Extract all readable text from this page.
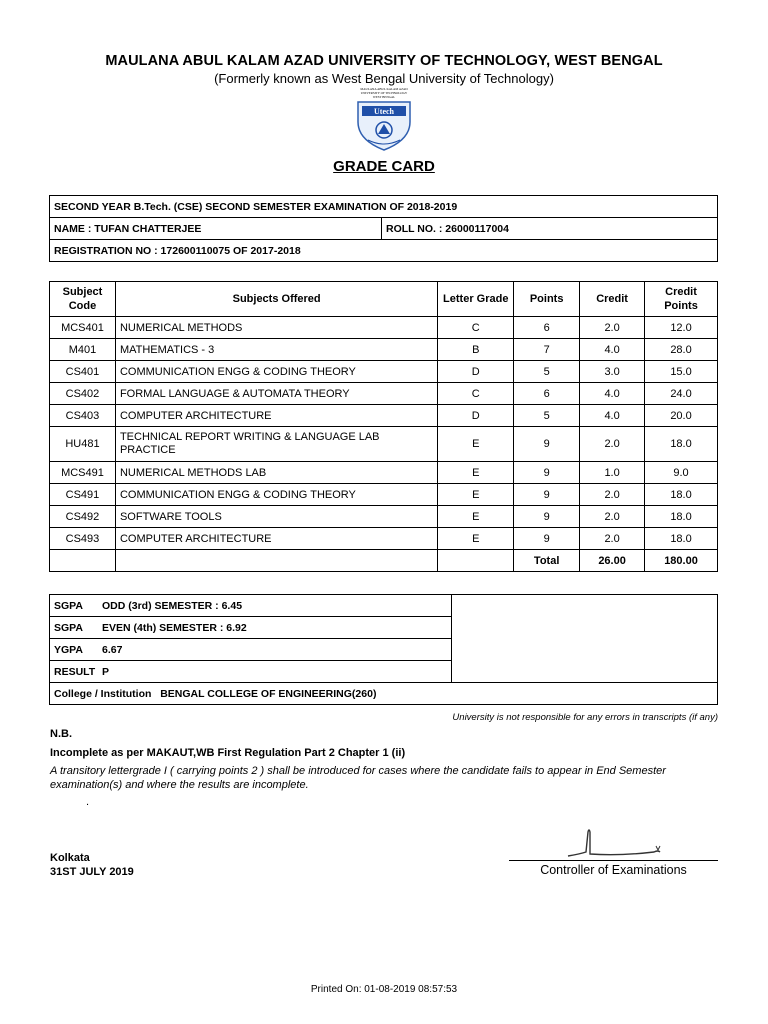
MAULANA ABUL KALAM AZAD UNIVERSITY OF TECHNOLOGY, WEST BENGAL
(Formerly known as West Bengal University of Technology)
MAULANA ABUL KALAM AZAD
UNIVERSITY OF TECHNOLOGY
WEST BENGAL
Utech
GRADE CARD
SECOND YEAR B.Tech. (CSE) SECOND SEMESTER EXAMINATION OF 2018-2019
NAME : TUFAN CHATTERJEE	ROLL NO. : 26000117004
REGISTRATION NO : 172600110075 OF 2017-2018
Subject Code	Subjects Offered	Letter Grade	Points	Credit	Credit Points
MCS401	NUMERICAL METHODS	C	6	2.0	12.0
M401	MATHEMATICS - 3	B	7	4.0	28.0
CS401	COMMUNICATION ENGG & CODING THEORY	D	5	3.0	15.0
CS402	FORMAL LANGUAGE & AUTOMATA THEORY	C	6	4.0	24.0
CS403	COMPUTER ARCHITECTURE	D	5	4.0	20.0
HU481	TECHNICAL REPORT WRITING & LANGUAGE LAB PRACTICE	E	9	2.0	18.0
MCS491	NUMERICAL METHODS LAB	E	9	1.0	9.0
CS491	COMMUNICATION ENGG & CODING THEORY	E	9	2.0	18.0
CS492	SOFTWARE TOOLS	E	9	2.0	18.0
CS493	COMPUTER ARCHITECTURE	E	9	2.0	18.0
			Total	26.00	180.00
SGPA ODD (3rd) SEMESTER : 6.45	
SGPA EVEN (4th) SEMESTER : 6.92
YGPA 6.67
RESULT P
College / Institution BENGAL COLLEGE OF ENGINEERING(260)
University is not responsible for any errors in transcripts (if any)
N.B.
Incomplete as per MAKAUT,WB First Regulation Part 2 Chapter 1 (ii)
A transitory lettergrade I ( carrying points 2 ) shall be introduced for cases where the candidate fails to appear in End Semester examination(s) and where the results are incomplete.
.
Kolkata
31ST JULY 2019	Controller of Examinations
Printed On: 01-08-2019 08:57:53
